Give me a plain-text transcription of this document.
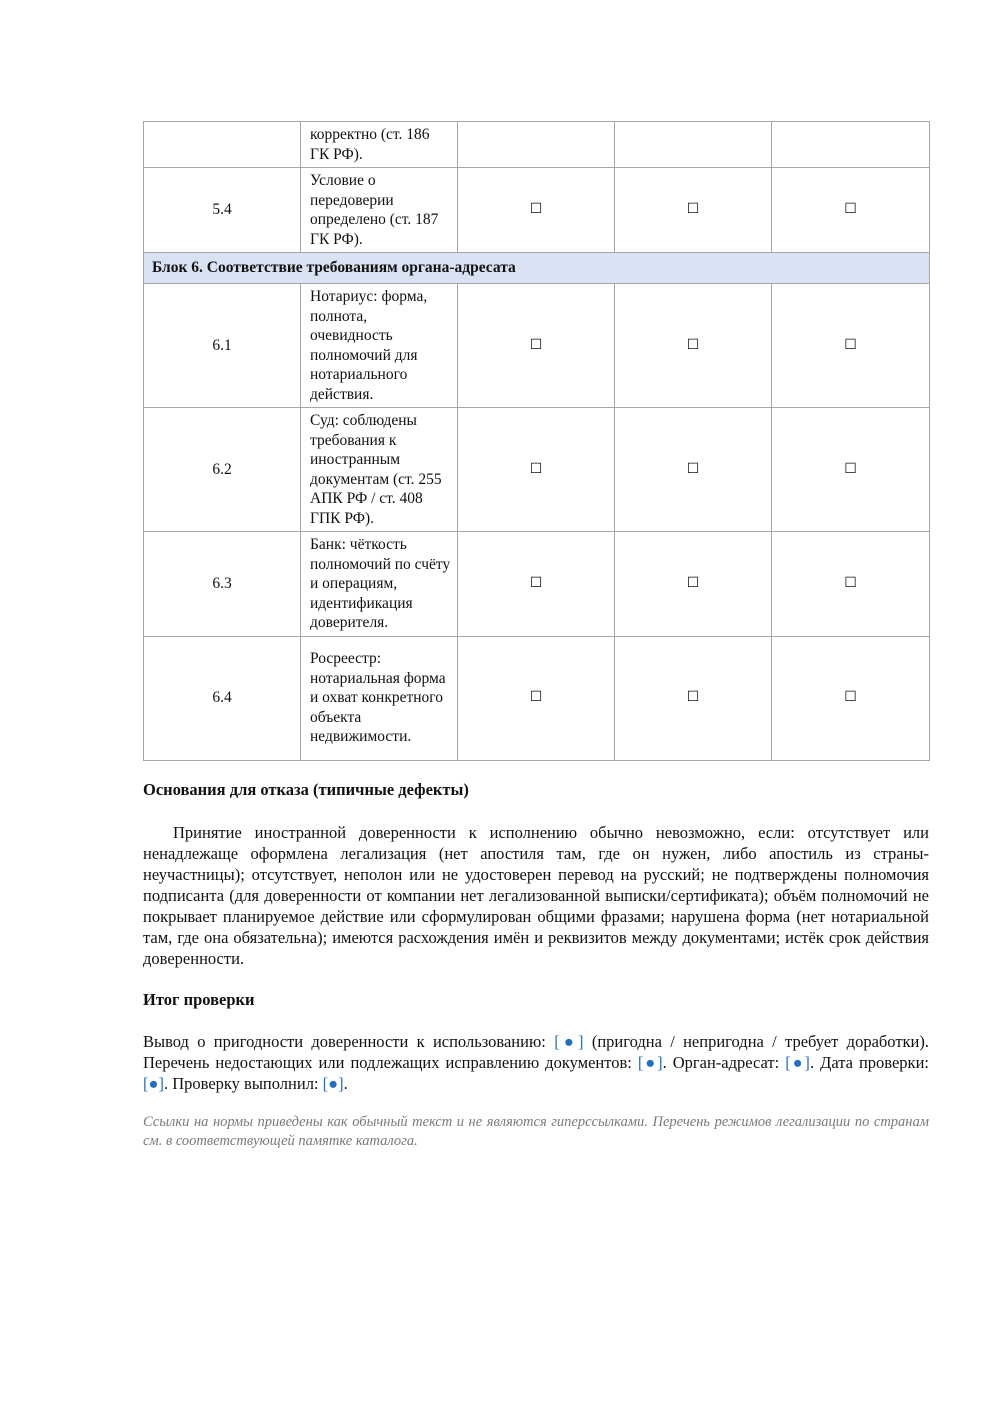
	корректно (ст. 186 ГК РФ).			
5.4	Условие о передоверии определено (ст. 187 ГК РФ).	☐	☐	☐
Блок 6. Соответствие требованиям органа-адресата				
6.1	Нотариус: форма, полнота, очевидность полномочий для нотариального действия.	☐	☐	☐
6.2	Суд: соблюдены требования к иностранным документам (ст. 255 АПК РФ / ст. 408 ГПК РФ).	☐	☐	☐
6.3	Банк: чёткость полномочий по счёту и операциям, идентификация доверителя.	☐	☐	☐
6.4	Росреестр: нотариальная форма и охват конкретного объекта недвижимости.	☐	☐	☐
Основания для отказа (типичные дефекты)

Принятие иностранной доверенности к исполнению обычно невозможно, если: отсутствует или ненадлежаще оформлена легализация (нет апостиля там, где он нужен, либо апостиль из страны-неучастницы); отсутствует, неполон или не удостоверен перевод на русский; не подтверждены полномочия подписанта (для доверенности от компании нет легализованной выписки/сертификата); объём полномочий не покрывает планируемое действие или сформулирован общими фразами; нарушена форма (нет нотариальной там, где она обязательна); имеются расхождения имён и реквизитов между документами; истёк срок действия доверенности.

Итог проверки

Вывод о пригодности доверенности к использованию: [●] (пригодна / непригодна / требует доработки). Перечень недостающих или подлежащих исправлению документов: [●]. Орган-адресат: [●]. Дата проверки: [●]. Проверку выполнил: [●].

Ссылки на нормы приведены как обычный текст и не являются гиперссылками. Перечень режимов легализации по странам см. в соответствующей памятке каталога.
